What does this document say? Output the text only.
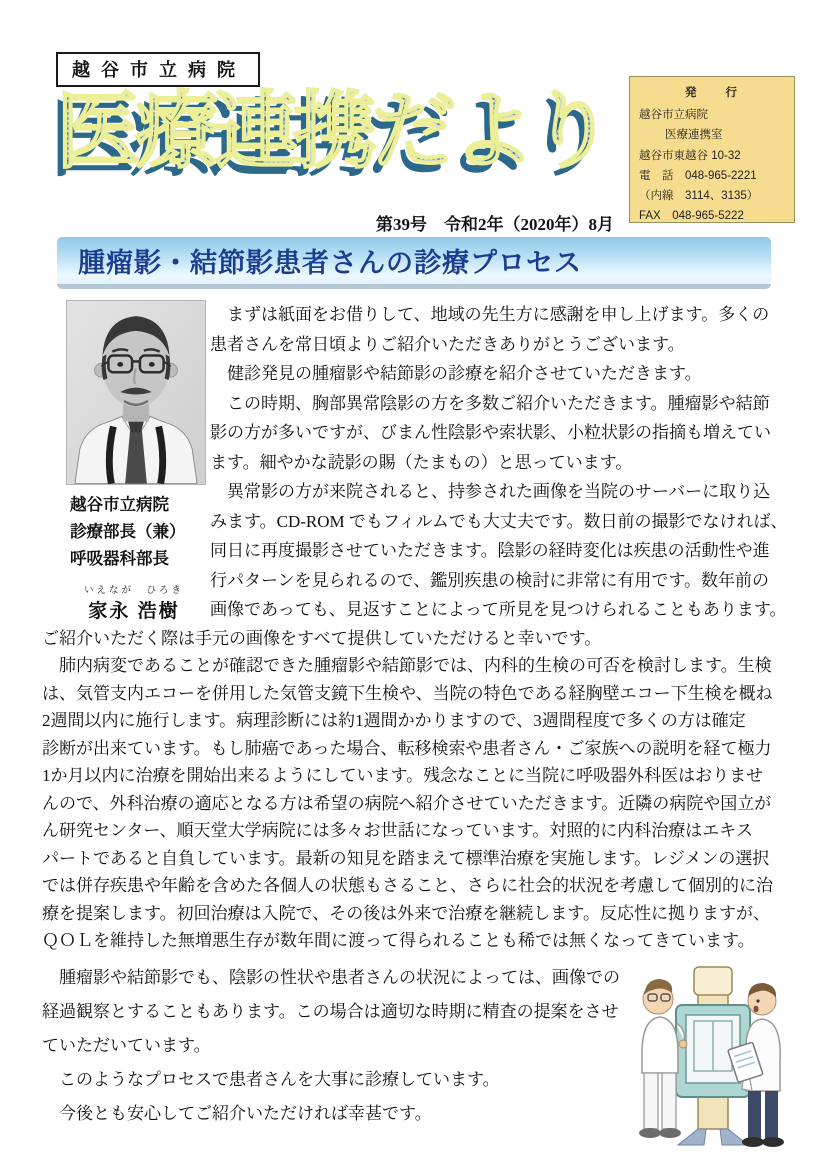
医療連携だより
第39号　令和2年（2020年）8月
発　　行
越谷市立病院
医療連携室
越谷市東越谷 10-32
電　話　048-965-2221
（内線　3114、3135）
FAX　048-965-5222
腫瘤影・結節影患者さんの診療プロセス
越谷市立病院
診療部長（兼）
呼吸器科部長
いえなが　ひろき
家永 浩樹
　まずは紙面をお借りして、地域の先生方に感謝を申し上げます。多くの
患者さんを常日頃よりご紹介いただきありがとうございます。
　健診発見の腫瘤影や結節影の診療を紹介させていただきます。
　この時期、胸部異常陰影の方を多数ご紹介いただきます。腫瘤影や結節
影の方が多いですが、びまん性陰影や索状影、小粒状影の指摘も増えてい
ます。細やかな読影の賜（たまもの）と思っています。
　異常影の方が来院されると、持参された画像を当院のサーバーに取り込
みます。CD-ROM でもフィルムでも大丈夫です。数日前の撮影でなければ、
同日に再度撮影させていただきます。陰影の経時変化は疾患の活動性や進
行パターンを見られるので、鑑別疾患の検討に非常に有用です。数年前の
画像であっても、見返すことによって所見を見つけられることもあります。
ご紹介いただく際は手元の画像をすべて提供していただけると幸いです。
　肺内病変であることが確認できた腫瘤影や結節影では、内科的生検の可否を検討します。生検
は、気管支内エコーを併用した気管支鏡下生検や、当院の特色である経胸壁エコー下生検を概ね
2週間以内に施行します。病理診断には約1週間かかりますので、3週間程度で多くの方は確定
診断が出来ています。もし肺癌であった場合、転移検索や患者さん・ご家族への説明を経て極力
1か月以内に治療を開始出来るようにしています。残念なことに当院に呼吸器外科医はおりませ
んので、外科治療の適応となる方は希望の病院へ紹介させていただきます。近隣の病院や国立が
ん研究センター、順天堂大学病院には多々お世話になっています。対照的に内科治療はエキス
パートであると自負しています。最新の知見を踏まえて標準治療を実施します。レジメンの選択
では併存疾患や年齢を含めた各個人の状態もさること、さらに社会的状況を考慮して個別的に治
療を提案します。初回治療は入院で、その後は外来で治療を継続します。反応性に拠りますが、
ＱＯＬを維持した無増悪生存が数年間に渡って得られることも稀では無くなってきています。
　腫瘤影や結節影でも、陰影の性状や患者さんの状況によっては、画像での
経過観察とすることもあります。この場合は適切な時期に精査の提案をさせ
ていただいています。
　このようなプロセスで患者さんを大事に診療しています。
　今後とも安心してご紹介いただければ幸甚です。
